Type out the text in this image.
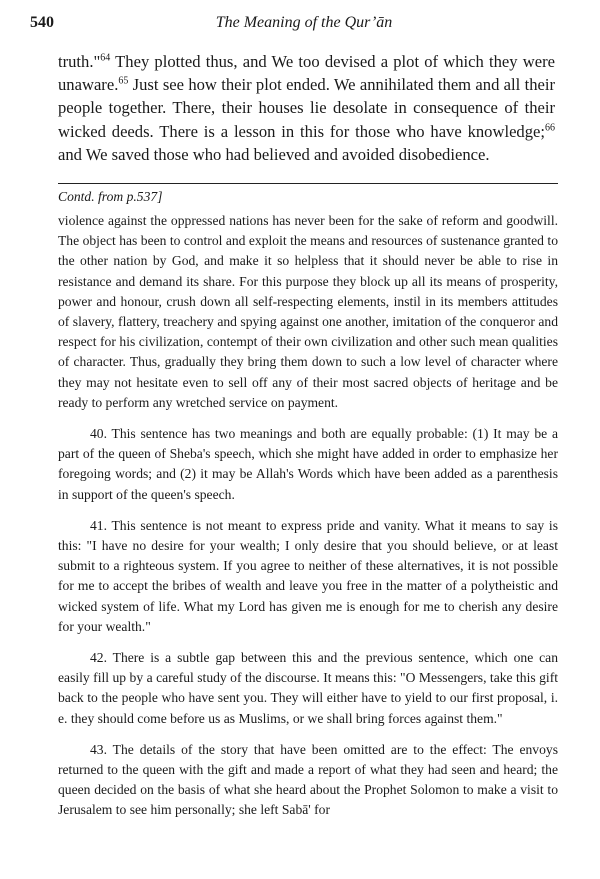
540	The Meaning of the Qur’ān

truth."$^{64}$ They plotted thus, and We too devised a plot of which they were unaware.$^{65}$ Just see how their plot ended. We annihilated them and all their people together. There, their houses lie desolate in consequence of their wicked deeds. There is a lesson in this for those who have knowledge;$^{66}$ and We saved those who had believed and avoided disobedience.

Contd. from p.537]

violence against the oppressed nations has never been for the sake of reform and goodwill. The object has been to control and exploit the means and resources of sustenance granted to the other nation by God, and make it so helpless that it should never be able to rise in resistance and demand its share. For this purpose they block up all its means of prosperity, power and honour, crush down all self-respecting elements, instil in its members attitudes of slavery, flattery, treachery and spying against one another, imitation of the conqueror and respect for his civilization, contempt of their own civilization and other such mean qualities of character. Thus, gradually they bring them down to such a low level of character where they may not hesitate even to sell off any of their most sacred objects of heritage and be ready to perform any wretched service on payment.

40. This sentence has two meanings and both are equally probable: (1) It may be a part of the queen of Sheba's speech, which she might have added in order to emphasize her foregoing words; and (2) it may be Allah's Words which have been added as a parenthesis in support of the queen's speech.

41. This sentence is not meant to express pride and vanity. What it means to say is this: "I have no desire for your wealth; I only desire that you should believe, or at least submit to a righteous system. If you agree to neither of these alternatives, it is not possible for me to accept the bribes of wealth and leave you free in the matter of a polytheistic and wicked system of life. What my Lord has given me is enough for me to cherish any desire for your wealth."

42. There is a subtle gap between this and the previous sentence, which one can easily fill up by a careful study of the discourse. It means this: "O Messengers, take this gift back to the people who have sent you. They will either have to yield to our first proposal, i. e. they should come before us as Muslims, or we shall bring forces against them."

43. The details of the story that have been omitted are to the effect: The envoys returned to the queen with the gift and made a report of what they had seen and heard; the queen decided on the basis of what she heard about the Prophet Solomon to make a visit to Jerusalem to see him personally; she left Sabā' for
